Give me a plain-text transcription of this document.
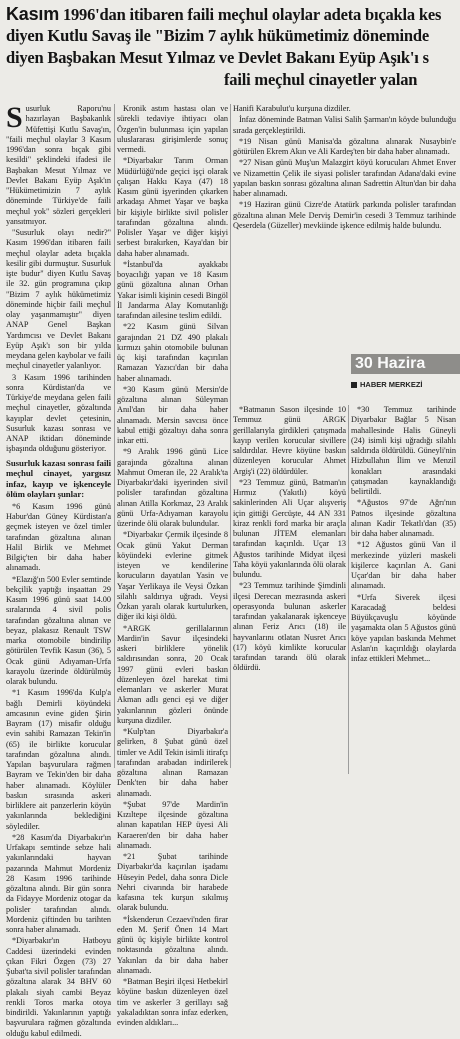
Kasım 1996'dan itibaren faili meçhul olaylar adeta bıçakla kes
diyen Kutlu Savaş ile "Bizim 7 aylık hükümetimiz döneminde
diyen Başbakan Mesut Yılmaz ve Devlet Bakanı Eyüp Aşık'ı s
faili meçhul cinayetler yalan

Susurluk Raporu'nu hazırlayan Başbakanlık Müfettişi Kutlu Savaş'ın, "faili meçhul olaylar 3 Kasım 1996'dan sonra bıçak gibi kesildi" şeklindeki ifadesi ile Başbakan Mesut Yılmaz ve Devlet Bakanı Eyüp Aşık'ın "Hükümetimizin 7 aylık döneminde Türkiye'de faili meçhul yok" sözleri gerçekleri yansıtmıyor.

"Susurluk olayı nedir?" Kasım 1996'dan itibaren faili meçhul olaylar adeta bıçakla kesilir gibi durmuştur. Susurluk işte budur" diyen Kutlu Savaş ile 32. gün programına çıkıp "Bizim 7 aylık hükümetimiz döneminde hiçbir faili meçhul olay yaşanmamıştır" diyen ANAP Genel Başkan Yardımcısı ve Devlet Bakanı Eyüp Aşık'ı son bir yılda meydana gelen kaybolar ve faili meçhul cinayetler yalanlıyor.

3 Kasım 1996 tarihinden sonra Kürdistan'da ve Türkiye'de meydana gelen faili meçhul cinayetler, gözaltında kayıplar devlet çetesinin, Susurluk kazası sonrası ve ANAP iktidarı döneminde işbaşında olduğunu gösteriyor.

Susurluk kazası sonrası faili meçhul cinayet, yargısız infaz, kayıp ve işkenceyle ölüm olayları şunlar:

*6 Kasım 1996 günü Habur'dan Güney Kürdistan'a geçmek isteyen ve özel timler tarafından gözaltına alınan Halil Birlik ve Mehmet Bilgiç'ten bir daha haber alınamadı.

*Elazığ'ın 500 Evler semtinde bekçilik yaptığı inşaattan 29 Kasım 1996 günü saat 14.00 sıralarında 4 sivil polis tarafından gözaltına alınan ve beyaz, plakasız Renault TSW marka otomobile bindirilip götürülen Tevfik Kasun (36), 5 Ocak günü Adıyaman-Urfa karayolu üzerinde öldürülmüş olarak bulundu.

*1 Kasım 1996'da Kulp'a bağlı Demirli köyündeki amcasının evine giden Şirin Bayram (17) misafir olduğu evin sahibi Ramazan Tekin'in (65) ile birlikte korucular tarafından gözaltına alındı. Yapılan başvurulara rağmen Bayram ve Tekin'den bir daha haber alınamadı. Köylüler baskın sırasında askeri birliklere ait panzerlerin köyün yakınlarında beklediğini söylediler.

*28 Kasım'da Diyarbakır'ın Urfakapı semtinde sebze hali yakınlarındaki hayvan pazarında Mahmut Mordeniz 28 Kasım 1996 tarihinde gözaltına alındı. Bir gün sonra da Fidayye Mordeniz otogar da polisler tarafından alındı. Mordeniz çiftinden bu tarihten sonra haber alınamadı.

*Diyarbakır'ın Hatboyu Caddesi üzerindeki evinden çıkan Fikri Özgen (73) 27 Şubat'ta sivil polisler tarafından gözaltına alarak 34 BHV 60 plakalı siyah cambi Beyaz renkli Toros marka otoya bindirildi. Yakınlarının yaptığı başvurulara rağmen gözaltında olduğu kabul edilmedi.

Kronik astım hastası olan ve sürekli tedaviye ihtiyacı olan Özgen'in bulunması için yapılan uluslararası girişimlerde sonuç vermedi.

*Diyarbakır Tarım Orman Müdürlüğü'nde geçici işçi olarak çalışan Hakkı Kaya (47) 18 Kasım günü işyerinden çıkarken arkadaşı Ahmet Yaşar ve başka bir kişiyle birlikte sivil polisler tarafından gözaltına alındı. Polisler Yaşar ve diğer kişiyi serbest bırakırken, Kaya'dan bir daha haber alınamadı.

*İstanbul'da ayakkabı boyacılığı yapan ve 18 Kasım günü gözaltına alınan Orhan Yakar isimli kişinin cesedi Bingöl İl Jandarma Alay Komutanlığı tarafından ailesine teslim edildi.

*22 Kasım günü Silvan garajından 21 DZ 490 plakalı kırmızı şahin otomobile bulunan üç kişi tarafından kaçırılan Ramazan Yazıcı'dan bir daha haber alınamadı.

*30 Kasım günü Mersin'de gözaltına alınan Süleyman Anıl'dan bir daha haber alınamadı. Mersin savcısı önce kabul ettiği gözaltıyı daha sonra inkar etti.

*9 Aralık 1996 günü Lice garajında gözaltına alınan Mahmut Omeran ile, 22 Aralık'ta Diyarbakır'daki işyerinden sivil polisler tarafından gözaltına alınan Atilla Korkmaz, 23 Aralık günü Urfa-Adıyaman karayolu üzerinde ölü olarak bulundular.

*Diyarbakır Çermik ilçesinde 8 Ocak günü Yakut Derman köyündeki evlerine gitmek isteyen ve kendilerine korucuların dayatılan Yasin ve Yaşar Yerlikaya ile Veysi Özkan silahlı saldırıya uğradı. Veysi Özkan yaralı olarak kurtulurken, diğer iki kişi öldü.

*ARGK gerillalarının Mardin'in Savur ilçesindeki askeri birliklere yönelik saldırısından sonra, 20 Ocak 1997 günü evleri baskın düzenleyen özel harekat timi elemanları ve askerler Murat Akman adlı genci eşi ve diğer yakınlarının gözleri önünde kurşuna dizdiler.

*Kulp'tan Diyarbakır'a gelirken, 8 Şubat günü özel timler ve Adil Tekin isimli itirafçı tarafından arabadan indirilerek gözaltına alınan Ramazan Denk'ten bir daha haber alınamadı.

*Şubat 97'de Mardin'in Kızıltepe ilçesinde gözaltına alınan kapatılan HEP üyesi Ali Karaeren'den bir daha haber alınamadı.

*21 Şubat tarihinde Diyarbakır'da kaçırılan işadamı Hüseyin Pedel, daha sonra Dicle Nehri civarında bir harabede kafasına tek kurşun sıkılmış olarak bulundu.

*İskenderun Cezaevi'nden firar eden M. Şerif Önen 14 Mart günü üç kişiyle birlikte kontrol noktasında gözaltına alındı. Yakınları da bir daha haber alınamadı.

*Batman Beşiri ilçesi Hetbekirl köyüne baskın düzenleyen özel tim ve askerler 3 gerillayı sağ yakaladıktan sonra infaz ederken, evinden aldıkları...

Hanifi Karabulut'u kurşuna dizdiler.

İnfaz döneminde Batman Valisi Salih Şarman'ın köyde bulunduğu sırada gerçekleştirildi.

*19 Nisan günü Manisa'da gözaltına alınarak Nusaybin'e götürülen Ekrem Akın ve Ali Kardeş'ten bir daha haber alınamadı.

*27 Nisan günü Muş'un Malazgirt köyü korucuları Ahmet Enver ve Nizamettin Çelik ile siyasi polisler tarafından Adana'daki evine yapılan baskın sonrası gözaltına alınan Sadrettin Altun'dan bir daha haber alınamadı.

*19 Haziran günü Cizre'de Atatürk parkında polisler tarafından gözaltına alınan Mele Derviş Demir'in cesedi 3 Temmuz tarihinde Qeserdela (Güzeller) mevkiinde işkence edilmiş halde bulundu.

HABER MERKEZİ
30 Hazira

*Batmanın Sason ilçesinde 10 Temmuz günü ARGK gerillalarıyla girdikleri çatışmada kayıp verilen korucular sivillere saldırdılar. Hevre köyüne baskın düzenleyen korucular Ahmet Argiş'i (22) öldürdüler.

*23 Temmuz günü, Batman'ın Hırmız (Yakıtlı) köyü sakinlerinden Ali Uçar alışveriş için gittiği Gercüşte, 44 AN 331 kiraz renkli ford marka bir araçla bulunan JİTEM elemanları tarafından kaçırıldı. Uçar 13 Ağustos tarihinde Midyat ilçesi Taha köyü yakınlarında ölü olarak bulundu.

*23 Temmuz tarihinde Şimdinli ilçesi Derecan mezrasında askeri operasyonda bulunan askerler tarafından yakalanarak işkenceye alınan Feriz Arıcı (18) ile hayvanlarını otlatan Nusret Arıcı (17) köyü kimlikte korucular tarafından tarandı ölü olarak öldürdü.

*30 Temmuz tarihinde Diyarbakır Bağlar 5 Nisan mahallesinde Halis Güneyli (24) isimli kişi uğradığı silahlı saldırıda öldürüldü. Güneyli'nin Hizbullahın İlim ve Menzil konakları arasındaki çatışmadan kaynaklandığı belirtildi.

*Ağustos 97'de Ağrı'nın Patnos ilçesinde gözaltına alınan Kadir Tekatlı'dan (35) bir daha haber alınamadı.

*12 Ağustos günü Van il merkezinde yüzleri maskeli kişilerce kaçırılan A. Gani Uçar'dan bir daha haber alınamadı.

*Urfa Siverek ilçesi Karacadağ beldesi Büyükçavuşlu köyünde yaşamakta olan 5 Ağustos günü köye yapılan baskında Mehmet Aslan'ın kaçırıldığı olaylarda infaz ettikleri Mehmet...
